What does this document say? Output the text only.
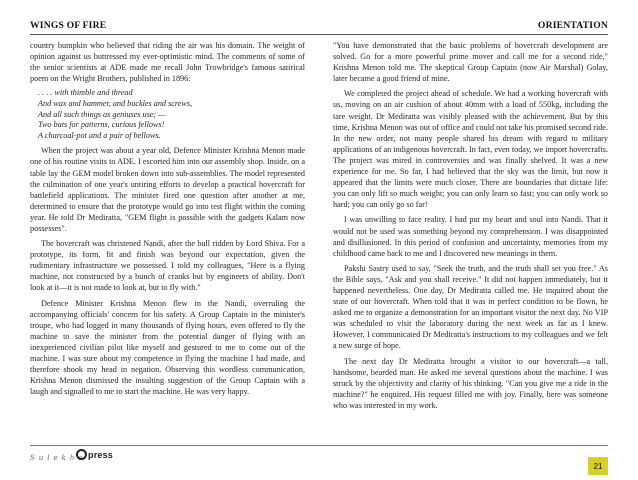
WINGS OF FIRE	ORIENTATION

country bumpkin who believed that riding the air was his domain. The weight of opinion against us buttressed my ever-optimistic mind. The comments of some of the senior scientists at ADE made me recall John Trowbridge's famous satirical poem on the Wright Brothers, published in 1896:

. . . . with thimble and thread
And wax and hammer, and buckles and screws,
And all such things as geniuses use; —
Two bats for patterns, curious fellows!
A charcoal-pot and a pair of bellows.

When the project was about a year old, Defence Minister Krishna Menon made one of his routine visits to ADE. I escorted him into our assembly shop. Inside, on a table lay the GEM model broken down into sub-assemblies. The model represented the culmination of one year's untiring efforts to develop a practical hovercraft for battlefield applications. The minister fired one question after another at me, determined to ensure that the prototype would go into test flight within the coming year. He told Dr Mediratta, "GEM flight is possible with the gadgets Kalam now possesses".

The hovercraft was christened Nandi, after the bull ridden by Lord Shiva. For a prototype, its form, fit and finish was beyond our expectation, given the rudimentary infrastructure we possessed. I told my colleagues, "Here is a flying machine, not constructed by a bunch of cranks but by engineers of ability. Don't look at it—it is not made to look at, but to fly with."

Defence Minister Krishna Menon flew in the Nandi, overruling the accompanying officials' concern for his safety. A Group Captain in the minister's troupe, who had logged in many thousands of flying hours, even offered to fly the machine to save the minister from the potential danger of flying with an inexperienced civilian pilot like myself and gestured to me to come out of the machine. I was sure about my competence in flying the machine I had made, and therefore shook my head in negation. Observing this wordless communication, Krishna Menon dismissed the insulting suggestion of the Group Captain with a laugh and signalled to me to start the machine. He was very happy.

"You have demonstrated that the basic problems of hovercraft development are solved. Go for a more powerful prime mover and call me for a second ride," Krishna Menon told me. The skeptical Group Captain (now Air Marshal) Golay, later became a good friend of mine.

We completed the project ahead of schedule. We had a working hovercraft with us, moving on an air cushion of about 40mm with a load of 550kg, including the tare weight. Dr Mediratta was visibly pleased with the achievement. But by this time, Krishna Menon was out of office and could not take his promised second ride. In the new order, not many people shared his dream with regard to military applications of an indigenous hovercraft. In fact, even today, we import hovercrafts. The project was mired in controversies and was finally shelved. It was a new experience for me. So far, I had believed that the sky was the limit, but now it appeared that the limits were much closer. There are boundaries that dictate life: you can only lift so much weight; you can only learn so fast; you can only work so hard; you can only go so far!

I was unwilling to face reality. I had put my heart and soul into Nandi. That it would not be used was something beyond my comprehension. I was disappointed and disillusioned. In this period of confusion and uncertainty, memories from my childhood came back to me and I discovered new meanings in them.

Pakshi Sastry used to say, "Seek the truth, and the truth shall set you free." As the Bible says, "Ask and you shall receive." It did not happen immediately, but it happened nevertheless. One day, Dr Mediratta called me. He inquired about the state of our hovercraft. When told that it was in perfect condition to be flown, he asked me to organize a demonstration for an important visitor the next day. No VIP was scheduled to visit the laboratory during the next week as far as I knew. However, I communicated Dr Mediratta's instructions to my colleagues and we felt a new surge of hope.

The next day Dr Mediratta brought a visitor to our hovercraft—a tall, handsome, bearded man. He asked me several questions about the machine. I was struck by the objectivity and clarity of his thinking. "Can you give me a ride in the machine?" he enquired. His request filled me with joy. Finally, here was someone who was interested in my work.

Sulekha press
21
